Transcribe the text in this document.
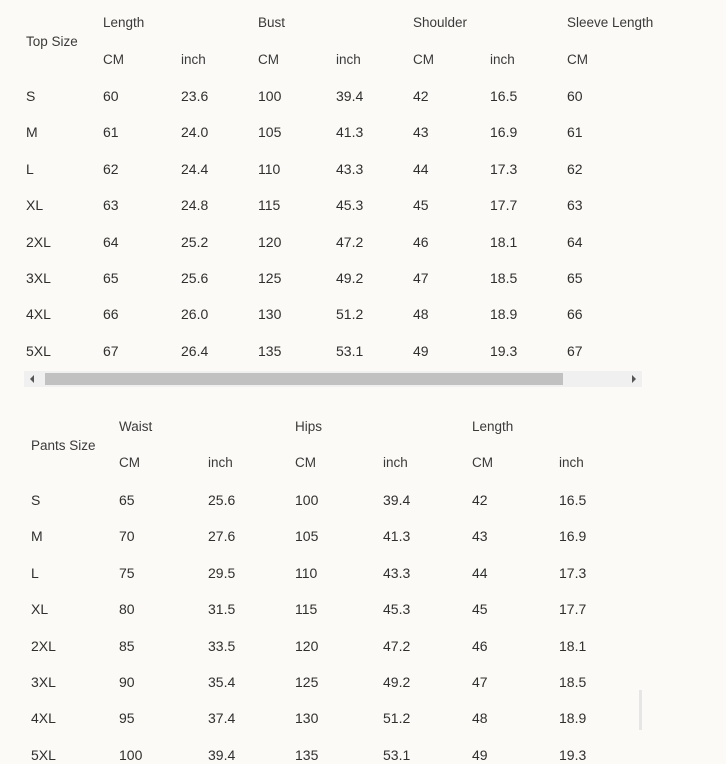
Top Size
Length	Bust	Shoulder	Sleeve Length
CM	inch	CM	inch	CM	inch	CM
S	60	23.6	100	39.4	42	16.5	60
M	61	24.0	105	41.3	43	16.9	61
L	62	24.4	110	43.3	44	17.3	62
XL	63	24.8	115	45.3	45	17.7	63
2XL	64	25.2	120	47.2	46	18.1	64
3XL	65	25.6	125	49.2	47	18.5	65
4XL	66	26.0	130	51.2	48	18.9	66
5XL	67	26.4	135	53.1	49	19.3	67
Pants Size
Waist	Hips	Length
CM	inch	CM	inch	CM	inch
S	65	25.6	100	39.4	42	16.5
M	70	27.6	105	41.3	43	16.9
L	75	29.5	110	43.3	44	17.3
XL	80	31.5	115	45.3	45	17.7
2XL	85	33.5	120	47.2	46	18.1
3XL	90	35.4	125	49.2	47	18.5
4XL	95	37.4	130	51.2	48	18.9
5XL	100	39.4	135	53.1	49	19.3
